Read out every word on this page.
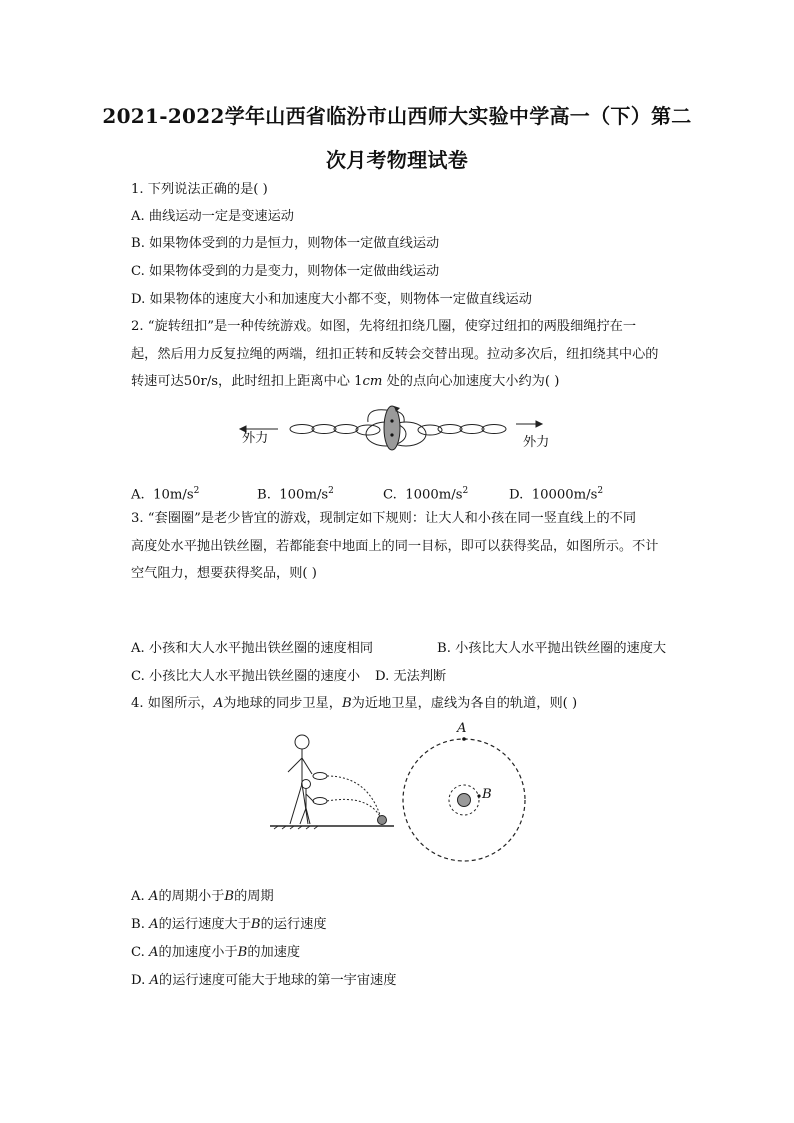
2021-2022学年山西省临汾市山西师大实验中学高一（下）第二
次月考物理试卷
1. 下列说法正确的是( )
A. 曲线运动一定是变速运动
B. 如果物体受到的力是恒力，则物体一定做直线运动
C. 如果物体受到的力是变力，则物体一定做曲线运动
D. 如果物体的速度大小和加速度大小都不变，则物体一定做直线运动
2. “旋转纽扣”是一种传统游戏。如图，先将纽扣绕几圈，使穿过纽扣的两股细绳拧在一
起，然后用力反复拉绳的两端，纽扣正转和反转会交替出现。拉动多次后，纽扣绕其中心的
转速可达50r/s，此时纽扣上距离中心 1cm 处的点向心加速度大小约为( )
外力	外力
A. $10m/s^2$	B. $100m/s^2$	C. $1000m/s^2$	D. $10000m/s^2$
3. “套圈圈”是老少皆宜的游戏，现制定如下规则：让大人和小孩在同一竖直线上的不同
高度处水平抛出铁丝圈，若都能套中地面上的同一目标，即可以获得奖品，如图所示。不计
空气阻力，想要获得奖品，则( )
A. 小孩和大人水平抛出铁丝圈的速度相同	B. 小孩比大人水平抛出铁丝圈的速度大
C. 小孩比大人水平抛出铁丝圈的速度小 D. 无法判断
4. 如图所示，A为地球的同步卫星，B为近地卫星，虚线为各自的轨道，则( )
A
B
A. A的周期小于B的周期
B. A的运行速度大于B的运行速度
C. A的加速度小于B的加速度
D. A的运行速度可能大于地球的第一宇宙速度
